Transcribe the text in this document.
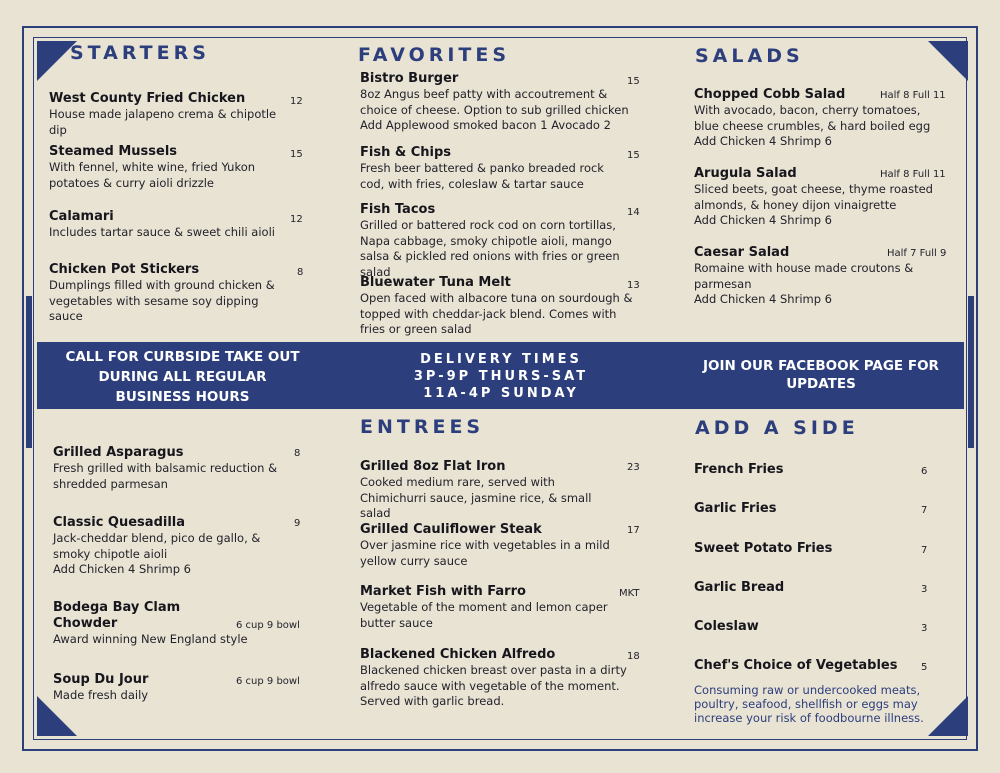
STARTERS	FAVORITES	SALADS
ENTREES	ADD A SIDE
West County Fried Chicken
House made jalapeno crema & chipotle dip
12
Steamed Mussels
With fennel, white wine, fried Yukon potatoes & curry aioli drizzle
15
Calamari
Includes tartar sauce & sweet chili aioli
12
Chicken Pot Stickers
Dumplings filled with ground chicken & vegetables with sesame soy dipping sauce
8
Bistro Burger
8oz Angus beef patty with accoutrement & choice of cheese. Option to sub grilled chicken
Add Applewood smoked bacon 1 Avocado 2
15
Fish & Chips
Fresh beer battered & panko breaded rock cod, with fries, coleslaw & tartar sauce
15
Fish Tacos
Grilled or battered rock cod on corn tortillas, Napa cabbage, smoky chipotle aioli, mango salsa & pickled red onions with fries or green salad
14
Bluewater Tuna Melt
Open faced with albacore tuna on sourdough & topped with cheddar-jack blend. Comes with fries or green salad
13
Chopped Cobb Salad
With avocado, bacon, cherry tomatoes, blue cheese crumbles, & hard boiled egg
Add Chicken 4 Shrimp 6
Half 8 Full 11
Arugula Salad
Sliced beets, goat cheese, thyme roasted almonds, & honey dijon vinaigrette
Add Chicken 4 Shrimp 6
Half 8 Full 11
Caesar Salad
Romaine with house made croutons & parmesan
Add Chicken 4 Shrimp 6
Half 7 Full 9
CALL FOR CURBSIDE TAKE OUT DURING ALL REGULAR BUSINESS HOURS
DELIVERY TIMES
3P-9P THURS-SAT
11A-4P SUNDAY
JOIN OUR FACEBOOK PAGE FOR UPDATES
Grilled Asparagus
Fresh grilled with balsamic reduction & shredded parmesan
8
Classic Quesadilla
Jack-cheddar blend, pico de gallo, & smoky chipotle aioli
Add Chicken 4 Shrimp 6
9
Bodega Bay Clam Chowder
Award winning New England style
6 cup 9 bowl
Soup Du Jour
Made fresh daily
6 cup 9 bowl
Grilled 8oz Flat Iron
Cooked medium rare, served with Chimichurri sauce, jasmine rice, & small salad
23
Grilled Cauliflower Steak
Over jasmine rice with vegetables in a mild yellow curry sauce
17
Market Fish with Farro
Vegetable of the moment and lemon caper butter sauce
MKT
Blackened Chicken Alfredo
Blackened chicken breast over pasta in a dirty alfredo sauce with vegetable of the moment. Served with garlic bread.
18
French Fries	6
Garlic Fries	7
Sweet Potato Fries	7
Garlic Bread	3
Coleslaw	3
Chef's Choice of Vegetables 5
Consuming raw or undercooked meats, poultry, seafood, shellfish or eggs may increase your risk of foodbourne illness.
